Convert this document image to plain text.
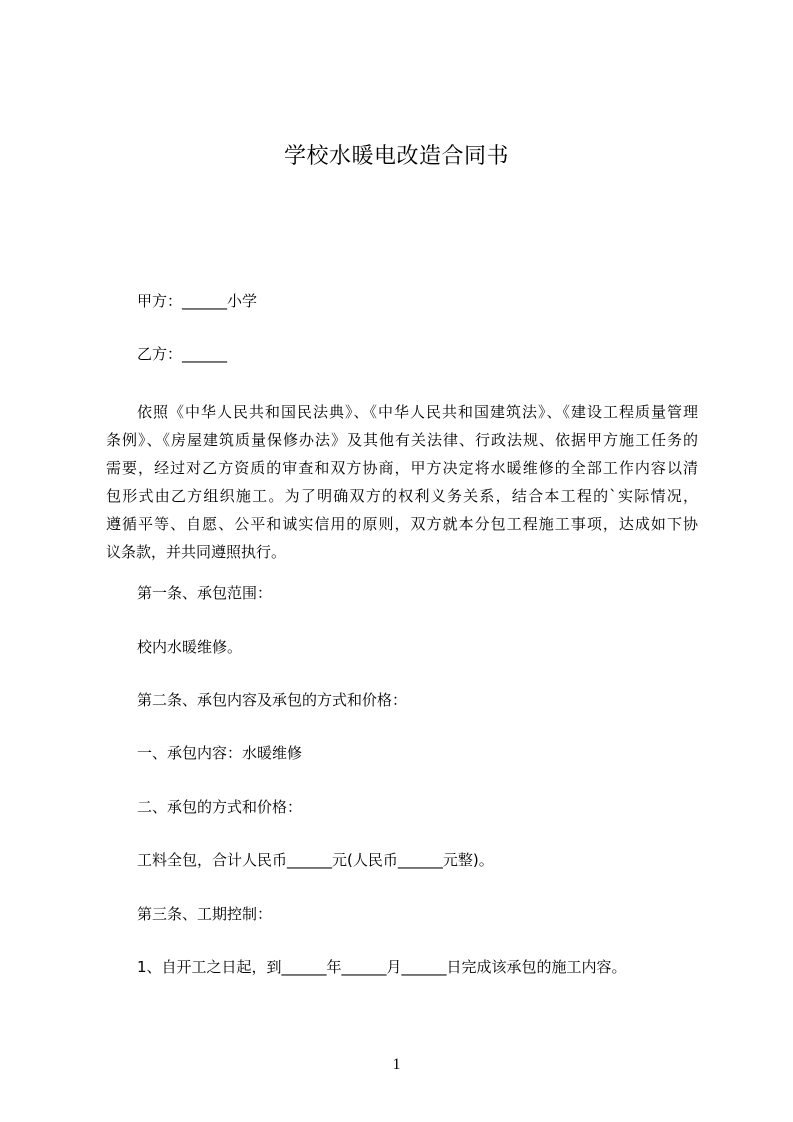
学校水暖电改造合同书
甲方：______小学
乙方：______
依照《中华人民共和国民法典》、《中华人民共和国建筑法》、《建设工程质量管理
条例》、《房屋建筑质量保修办法》及其他有关法律、行政法规、依据甲方施工任务的
需要，经过对乙方资质的审查和双方协商，甲方决定将水暖维修的全部工作内容以清
包形式由乙方组织施工。为了明确双方的权利义务关系，结合本工程的`实际情况，
遵循平等、自愿、公平和诚实信用的原则，双方就本分包工程施工事项，达成如下协
议条款，并共同遵照执行。
第一条、承包范围：
校内水暖维修。
第二条、承包内容及承包的方式和价格：
一、承包内容：水暖维修
二、承包的方式和价格：
工料全包，合计人民币______元(人民币______元整)。
第三条、工期控制：
1、自开工之日起，到______年______月______日完成该承包的施工内容。
1
